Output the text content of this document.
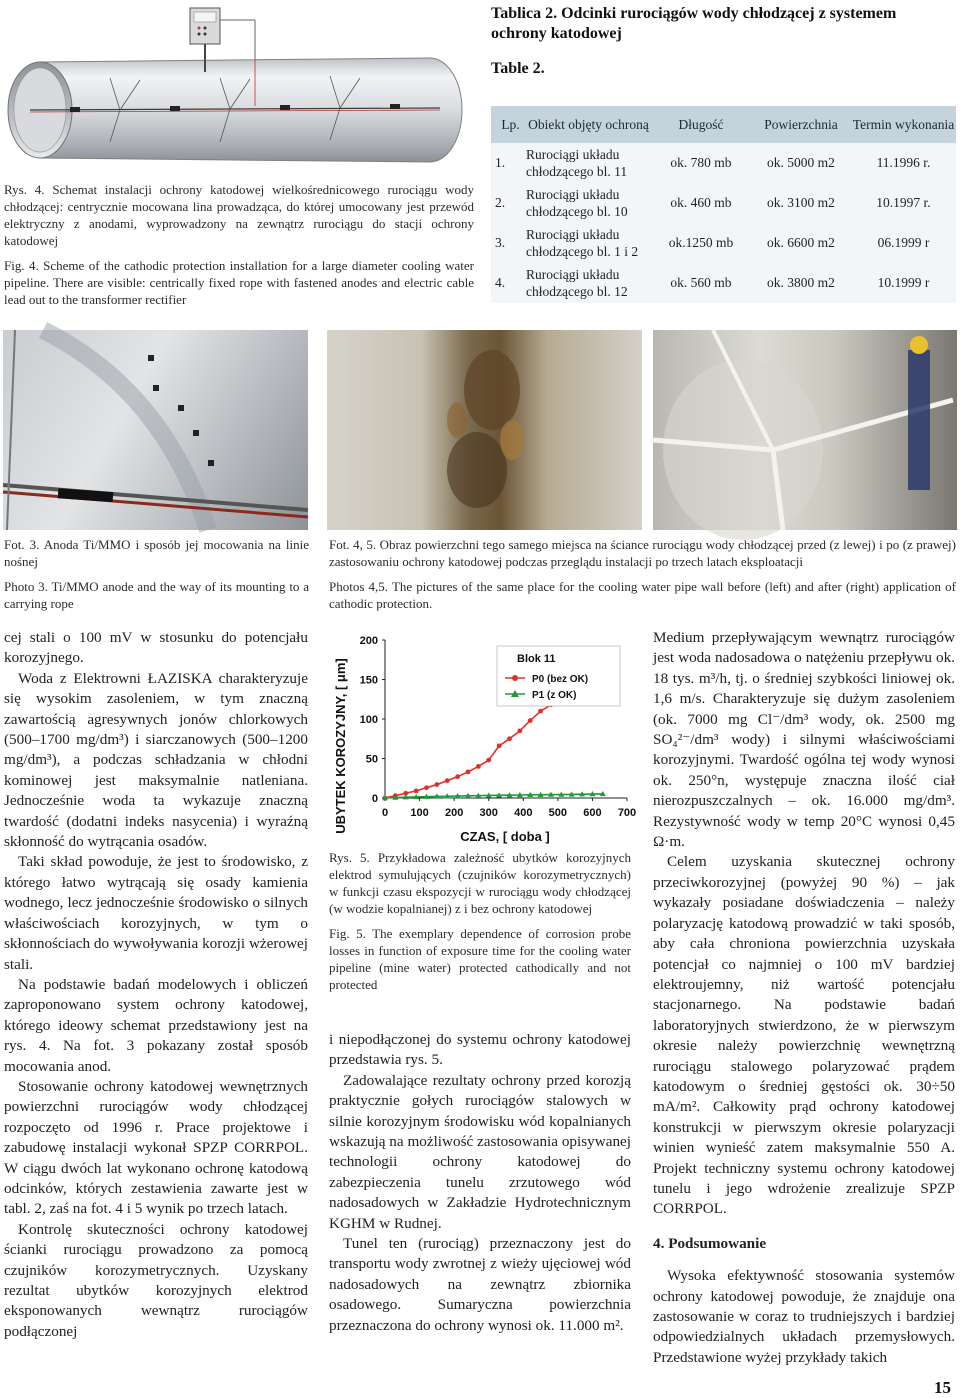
Tablica 2. Odcinki rurociągów wody chłodzącej z systemem ochrony katodowej
Table 2.
Lp.	Obiekt objęty ochroną	Długość	Powierzchnia	Termin wykonania
1.	Rurociągi układu chłodzącego bl. 11	ok. 780 mb	ok. 5000 m2	11.1996 r.
2.	Rurociągi układu chłodzącego bl. 10	ok. 460 mb	ok. 3100 m2	10.1997 r.
3.	Rurociągi układu chłodzącego bl. 1 i 2	ok.1250 mb	ok. 6600 m2	06.1999 r
4.	Rurociągi układu chłodzącego bl. 12	ok. 560 mb	ok. 3800 m2	10.1999 r

Rys. 4. Schemat instalacji ochrony katodowej wielkośrednicowego rurociągu wody chłodzącej: centrycznie mocowana lina prowadząca, do której umocowany jest przewód elektryczny z anodami, wyprowadzony na zewnątrz rurociągu do stacji ochrony katodowej

Fig. 4. Scheme of the cathodic protection installation for a large diameter cooling water pipeline. There are visible: centrically fixed rope with fastened anodes and electric cable lead out to the transformer rectifier

Fot. 3. Anoda Ti/MMO i sposób jej mocowania na linie nośnej

Photo 3. Ti/MMO anode and the way of its mounting to a carrying rope

Fot. 4, 5. Obraz powierzchni tego samego miejsca na ściance rurociągu wody chłodzącej przed (z lewej) i po (z prawej) zastosowaniu ochrony katodowej podczas przeglądu instalacji po trzech latach eksploatacji

Photos 4,5. The pictures of the same place for the cooling water pipe wall before (left) and after (right) application of cathodic protection.

cej stali o 100 mV w stosunku do potencjału korozyjnego.

Woda z Elektrowni ŁAZISKA charakteryzuje się wysokim zasoleniem, w tym znaczną zawartością agresywnych jonów chlorkowych (500–1700 mg/dm³) i siarczanowych (500–1200 mg/dm³), a podczas schładzania w chłodni kominowej jest maksymalnie natleniana. Jednocześnie woda ta wykazuje znaczną twardość (dodatni indeks nasycenia) i wyraźną skłonność do wytrącania osadów.

Taki skład powoduje, że jest to środowisko, z którego łatwo wytrącają się osady kamienia wodnego, lecz jednocześnie środowisko o silnych właściwościach korozyjnych, w tym o skłonnościach do wywoływania korozji wżerowej stali.

Na podstawie badań modelowych i obliczeń zaproponowano system ochrony katodowej, którego ideowy schemat przedstawiony jest na rys. 4. Na fot. 3 pokazany został sposób mocowania anod.

Stosowanie ochrony katodowej wewnętrznych powierzchni rurociągów wody chłodzącej rozpoczęto od 1996 r. Prace projektowe i zabudowę instalacji wykonał SPZP CORRPOL. W ciągu dwóch lat wykonano ochronę katodową odcinków, których zestawienia zawarte jest w tabl. 2, zaś na fot. 4 i 5 wynik po trzech latach.

Kontrolę skuteczności ochrony katodowej ścianki rurociągu prowadzono za pomocą czujników korozymetrycznych. Uzyskany rezultat ubytków korozyjnych elektrod eksponowanych wewnątrz rurociągów podłączonej

UBYTEK KOROZYJNY, [ μm]
CZAS, [ doba ]
0 100 200 300 400 500 600 700
0
50
100
150
200
Blok 11
P0 (bez OK)
P1 (z OK)

Rys. 5. Przykładowa zależność ubytków korozyjnych elektrod symulujących (czujników korozymetrycznych) w funkcji czasu ekspozycji w rurociągu wody chłodzącej (w wodzie kopalnianej) z i bez ochrony katodowej

Fig. 5. The exemplary dependence of corrosion probe losses in function of exposure time for the cooling water pipeline (mine water) protected cathodically and not protected

i niepodłączonej do systemu ochrony katodowej przedstawia rys. 5.

Zadowalające rezultaty ochrony przed korozją praktycznie gołych rurociągów stalowych w silnie korozyjnym środowisku wód kopalnianych wskazują na możliwość zastosowania opisywanej technologii ochrony katodowej do zabezpieczenia tunelu zrzutowego wód nadosadowych w Zakładzie Hydrotechnicznym KGHM w Rudnej.

Tunel ten (rurociąg) przeznaczony jest do transportu wody zwrotnej z wieży ujęciowej wód nadosadowych na zewnątrz zbiornika osadowego. Sumaryczna powierzchnia przeznaczona do ochrony wynosi ok. 11.000 m².

Medium przepływającym wewnątrz rurociągów jest woda nadosadowa o natężeniu przepływu ok. 18 tys. m³/h, tj. o średniej szybkości liniowej ok. 1,6 m/s. Charakteryzuje się dużym zasoleniem (ok. 7000 mg Cl⁻/dm³ wody, ok. 2500 mg SO₄²⁻/dm³ wody) i silnymi właściwościami korozyjnymi. Twardość ogólna tej wody wynosi ok. 250°n, występuje znaczna ilość ciał nierozpuszczalnych – ok. 16.000 mg/dm³. Rezystywność wody w temp 20°C wynosi 0,45 Ω·m.

Celem uzyskania skutecznej ochrony przeciwkorozyjnej (powyżej 90 %) – jak wykazały posiadane doświadczenia – należy polaryzację katodową prowadzić w taki sposób, aby cała chroniona powierzchnia uzyskała potencjał co najmniej o 100 mV bardziej elektroujemny, niż wartość potencjału stacjonarnego. Na podstawie badań laboratoryjnych stwierdzono, że w pierwszym okresie należy powierzchnię wewnętrzną rurociągu stalowego polaryzować prądem katodowym o średniej gęstości ok. 30÷50 mA/m². Całkowity prąd ochrony katodowej konstrukcji w pierwszym okresie polaryzacji winien wynieść zatem maksymalnie 550 A. Projekt techniczny systemu ochrony katodowej tunelu i jego wdrożenie zrealizuje SPZP CORRPOL.

4. Podsumowanie

Wysoka efektywność stosowania systemów ochrony katodowej powoduje, że znajduje ona zastosowanie w coraz to trudniejszych i bardziej odpowiedzialnych układach przemysłowych. Przedstawione wyżej przykłady takich

15
